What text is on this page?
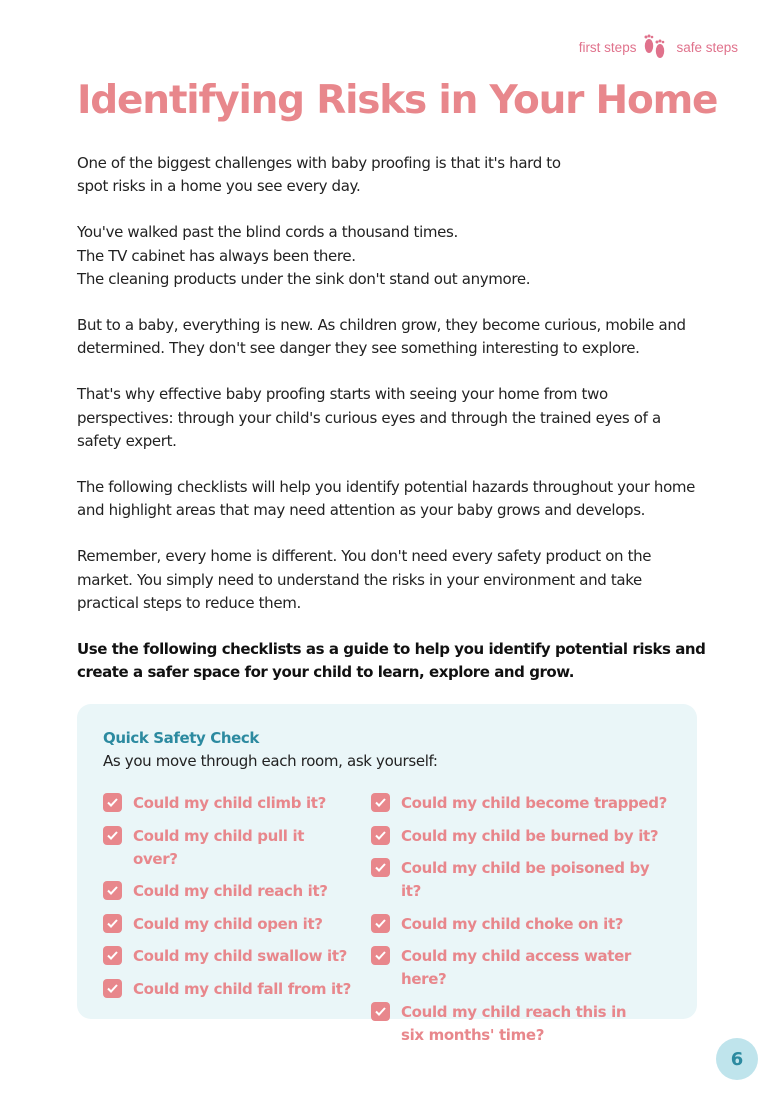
first steps	safe steps
Identifying Risks in Your Home

One of the biggest challenges with baby proofing is that it's hard to
spot risks in a home you see every day.

You've walked past the blind cords a thousand times.
The TV cabinet has always been there.
The cleaning products under the sink don't stand out anymore.

But to a baby, everything is new. As children grow, they become curious, mobile and determined. They don't see danger they see something interesting to explore.

That's why effective baby proofing starts with seeing your home from two perspectives: through your child's curious eyes and through the trained eyes of a safety expert.

The following checklists will help you identify potential hazards throughout your home and highlight areas that may need attention as your baby grows and develops.

Remember, every home is different. You don't need every safety product on the market. You simply need to understand the risks in your environment and take practical steps to reduce them.

Use the following checklists as a guide to help you identify potential risks and create a safer space for your child to learn, explore and grow.

Quick Safety Check
As you move through each room, ask yourself:
Could my child climb it?
Could my child pull it over?
Could my child reach it?
Could my child open it?
Could my child swallow it?
Could my child fall from it?
Could my child become trapped?
Could my child be burned by it?
Could my child be poisoned by it?
Could my child choke on it?
Could my child access water here?
Could my child reach this in six months' time?
6
